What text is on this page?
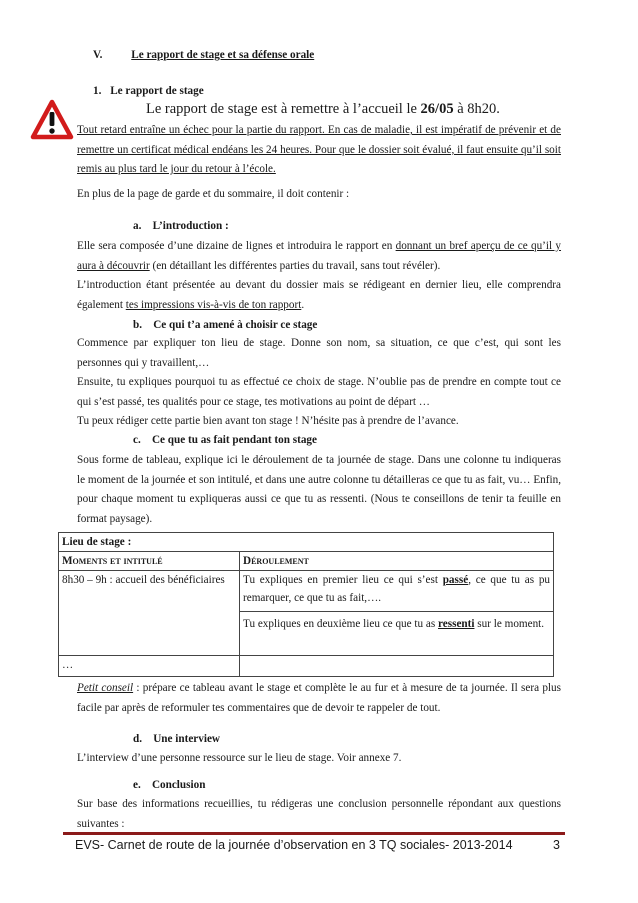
V.	Le rapport de stage et sa défense orale
1. Le rapport de stage
Le rapport de stage est à remettre à l’accueil le 26/05 à 8h20.

Tout retard entraîne un échec pour la partie du rapport. En cas de maladie, il est impératif de prévenir et de remettre un certificat médical endéans les 24 heures. Pour que le dossier soit évalué, il faut ensuite qu’il soit remis au plus tard le jour du retour à l’école.

En plus de la page de garde et du sommaire, il doit contenir :

a. L’introduction :

Elle sera composée d’une dizaine de lignes et introduira le rapport en donnant un bref aperçu de ce qu’il y aura à découvrir (en détaillant les différentes parties du travail, sans tout révéler).
L’introduction étant présentée au devant du dossier mais se rédigeant en dernier lieu, elle comprendra également tes impressions vis-à-vis de ton rapport.

b. Ce qui t’a amené à choisir ce stage

Commence par expliquer ton lieu de stage. Donne son nom, sa situation, ce que c’est, qui sont les personnes qui y travaillent,…
Ensuite, tu expliques pourquoi tu as effectué ce choix de stage. N’oublie pas de prendre en compte tout ce qui s’est passé, tes qualités pour ce stage, tes motivations au point de départ …
Tu peux rédiger cette partie bien avant ton stage ! N’hésite pas à prendre de l’avance.

c. Ce que tu as fait pendant ton stage

Sous forme de tableau, explique ici le déroulement de ta journée de stage. Dans une colonne tu indiqueras le moment de la journée et son intitulé, et dans une autre colonne tu détailleras ce que tu as fait, vu… Enfin, pour chaque moment tu expliqueras aussi ce que tu as ressenti. (Nous te conseillons de tenir ta feuille en format paysage).

Lieu de stage :	
Moments et intitulé	Déroulement
8h30 – 9h : accueil des bénéficiaires	Tu expliques en premier lieu ce qui s’est passé, ce que tu as pu remarquer, ce que tu as fait,….
	Tu expliques en deuxième lieu ce que tu as ressenti sur le moment.
…	

Petit conseil : prépare ce tableau avant le stage et complète le au fur et à mesure de ta journée. Il sera plus facile par après de reformuler tes commentaires que de devoir te rappeler de tout.

d. Une interview

L’interview d’une personne ressource sur le lieu de stage. Voir annexe 7.

e. Conclusion

Sur base des informations recueillies, tu rédigeras une conclusion personnelle répondant aux questions suivantes :

EVS- Carnet de route de la journée d’observation en 3 TQ sociales- 2013-2014	3
